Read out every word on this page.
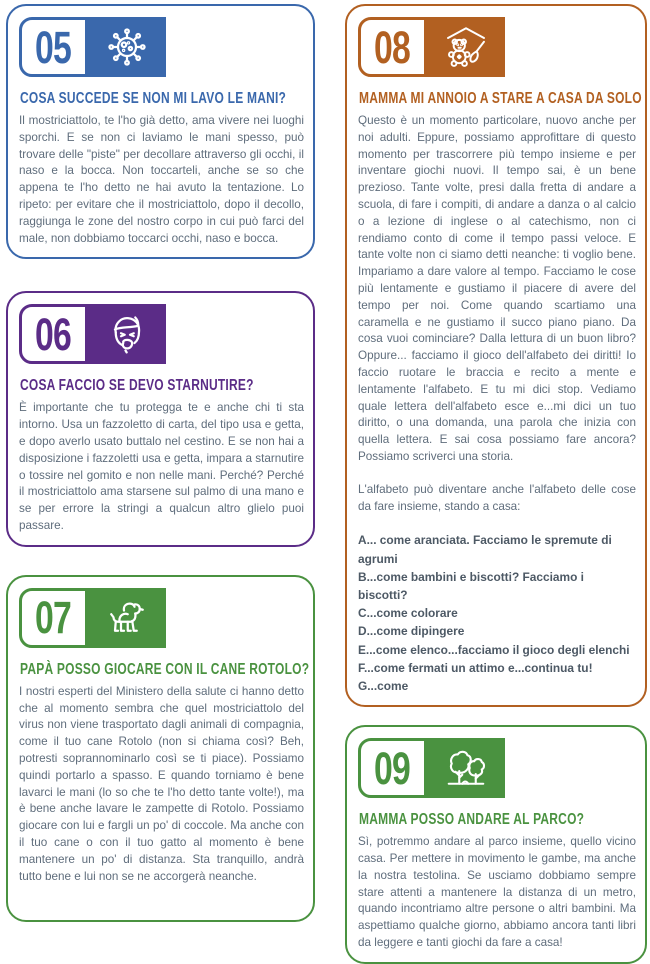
05
COSA SUCCEDE SE NON MI LAVO LE MANI?

Il mostriciattolo, te l'ho già detto, ama vivere nei luoghi sporchi. E se non ci laviamo le mani spesso, può trovare delle "piste" per decollare attraverso gli occhi, il naso e la bocca. Non toccarteli, anche se so che appena te l'ho detto ne hai avuto la tentazione. Lo ripeto: per evitare che il mostriciattolo, dopo il decollo, raggiunga le zone del nostro corpo in cui può farci del male, non dobbiamo toccarci occhi, naso e bocca.

06
COSA FACCIO SE DEVO STARNUTIRE?

È importante che tu protegga te e anche chi ti sta intorno. Usa un fazzoletto di carta, del tipo usa e getta, e dopo averlo usato buttalo nel cestino. E se non hai a disposizione i fazzoletti usa e getta, impara a starnutire o tossire nel gomito e non nelle mani. Perché? Perché il mostriciattolo ama starsene sul palmo di una mano e se per errore la stringi a qualcun altro glielo puoi passare.

07
PAPÀ POSSO GIOCARE CON IL CANE ROTOLO?

I nostri esperti del Ministero della salute ci hanno detto che al momento sembra che quel mostriciattolo del virus non viene trasportato dagli animali di compagnia, come il tuo cane Rotolo (non si chiama così? Beh, potresti soprannominarlo così se ti piace). Possiamo quindi portarlo a spasso. E quando torniamo è bene lavarci le mani (lo so che te l'ho detto tante volte!), ma è bene anche lavare le zampette di Rotolo. Possiamo giocare con lui e fargli un po' di coccole. Ma anche con il tuo cane o con il tuo gatto al momento è bene mantenere un po' di distanza. Sta tranquillo, andrà tutto bene e lui non se ne accorgerà neanche.

08
MAMMA MI ANNOIO A STARE A CASA DA SOLO

Questo è un momento particolare, nuovo anche per noi adulti. Eppure, possiamo approfittare di questo momento per trascorrere più tempo insieme e per inventare giochi nuovi. Il tempo sai, è un bene prezioso. Tante volte, presi dalla fretta di andare a scuola, di fare i compiti, di andare a danza o al calcio o a lezione di inglese o al catechismo, non ci rendiamo conto di come il tempo passi veloce. E tante volte non ci siamo detti neanche: ti voglio bene. Impariamo a dare valore al tempo. Facciamo le cose più lentamente e gustiamo il piacere di avere del tempo per noi. Come quando scartiamo una caramella e ne gustiamo il succo piano piano. Da cosa vuoi cominciare? Dalla lettura di un buon libro? Oppure... facciamo il gioco dell'alfabeto dei diritti! Io faccio ruotare le braccia e recito a mente e lentamente l'alfabeto. E tu mi dici stop. Vediamo quale lettera dell'alfabeto esce e...mi dici un tuo diritto, o una domanda, una parola che inizia con quella lettera. E sai cosa possiamo fare ancora? Possiamo scriverci una storia.

L'alfabeto può diventare anche l'alfabeto delle cose da fare insieme, stando a casa:

A... come aranciata. Facciamo le spremute di agrumi
B...come bambini e biscotti? Facciamo i biscotti?
C...come colorare
D...come dipingere
E...come elenco...facciamo il gioco degli elenchi
F...come fermati un attimo e...continua tu!
G...come
09
MAMMA POSSO ANDARE AL PARCO?

Sì, potremmo andare al parco insieme, quello vicino casa. Per mettere in movimento le gambe, ma anche la nostra testolina. Se usciamo dobbiamo sempre stare attenti a mantenere la distanza di un metro, quando incontriamo altre persone o altri bambini. Ma aspettiamo qualche giorno, abbiamo ancora tanti libri da leggere e tanti giochi da fare a casa!
